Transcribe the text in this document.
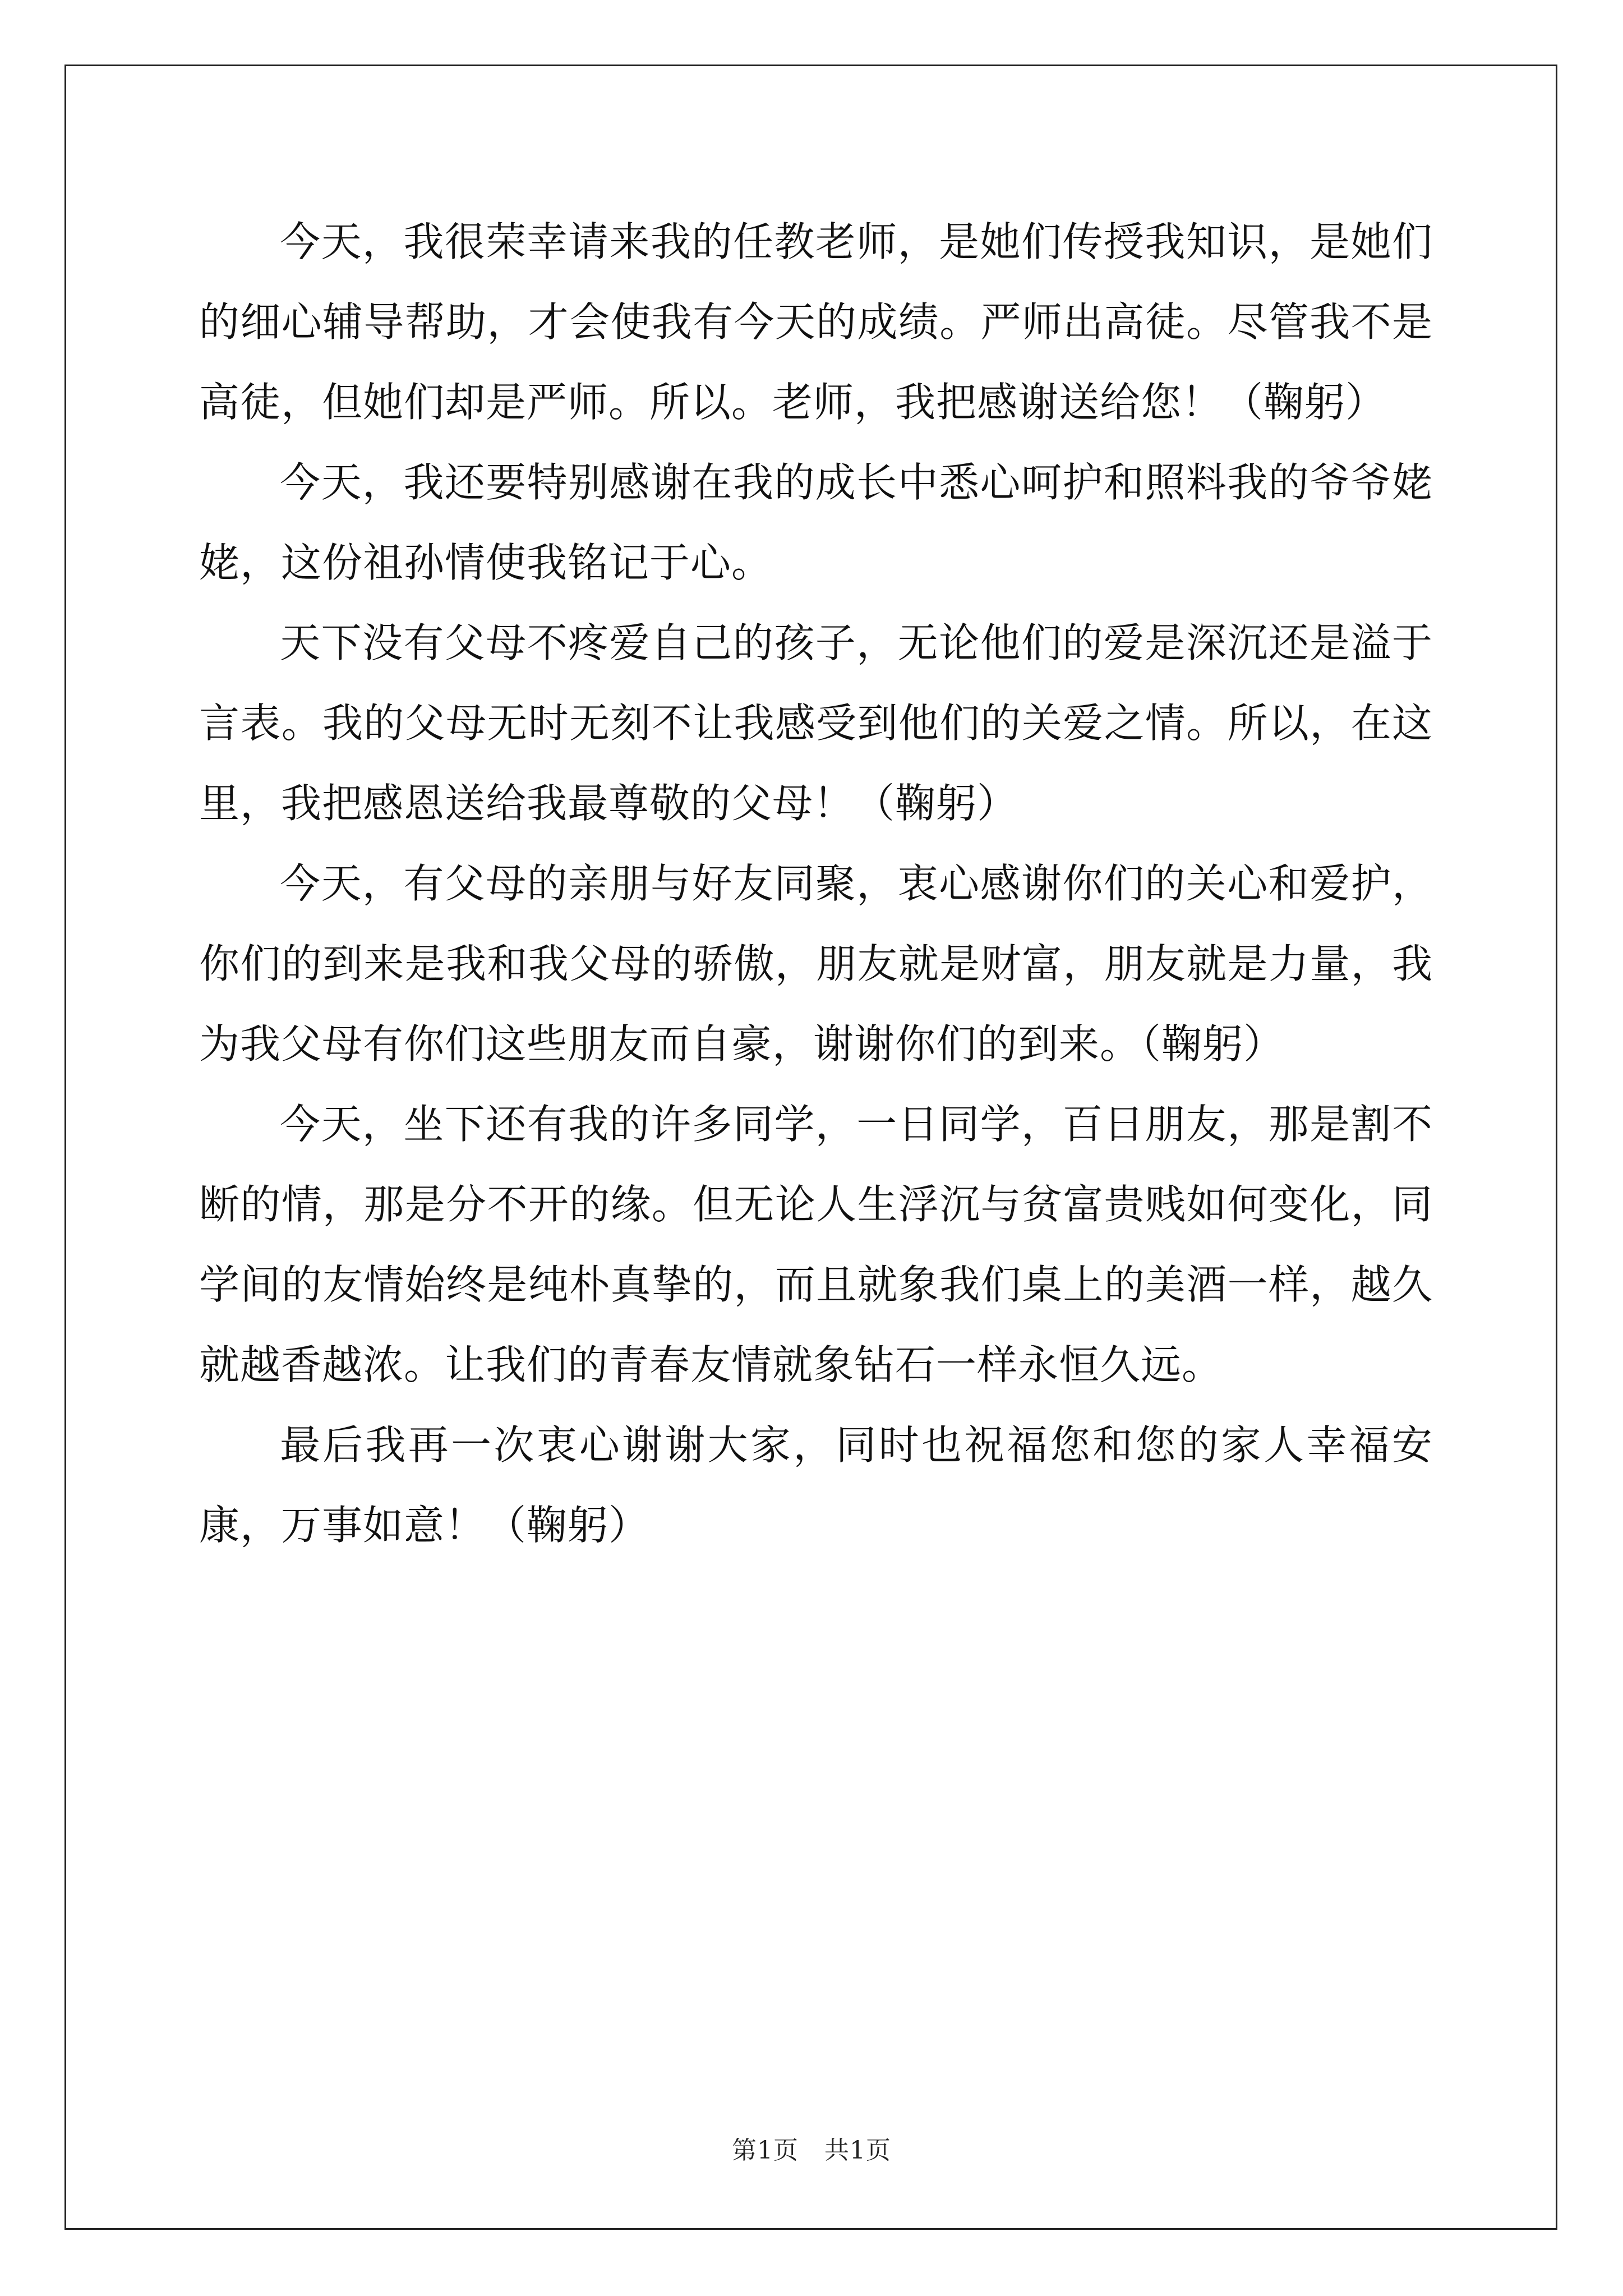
今天，我很荣幸请来我的任教老师，是她们传授我知识，是她们的细心辅导帮助，才会使我有今天的成绩。严师出高徒。尽管我不是高徒，但她们却是严师。所以。老师，我把感谢送给您！（鞠躬）

今天，我还要特别感谢在我的成长中悉心呵护和照料我的爷爷姥姥，这份祖孙情使我铭记于心。

天下没有父母不疼爱自己的孩子，无论他们的爱是深沉还是溢于言表。我的父母无时无刻不让我感受到他们的关爱之情。所以，在这里，我把感恩送给我最尊敬的父母！（鞠躬）

今天，有父母的亲朋与好友同聚，衷心感谢你们的关心和爱护，你们的到来是我和我父母的骄傲，朋友就是财富，朋友就是力量，我为我父母有你们这些朋友而自豪，谢谢你们的到来。（鞠躬）

今天，坐下还有我的许多同学，一日同学，百日朋友，那是割不断的情，那是分不开的缘。但无论人生浮沉与贫富贵贱如何变化，同学间的友情始终是纯朴真挚的，而且就象我们桌上的美酒一样，越久就越香越浓。让我们的青春友情就象钻石一样永恒久远。

最后我再一次衷心谢谢大家，同时也祝福您和您的家人幸福安康，万事如意！（鞠躬）

第1页 共1页
